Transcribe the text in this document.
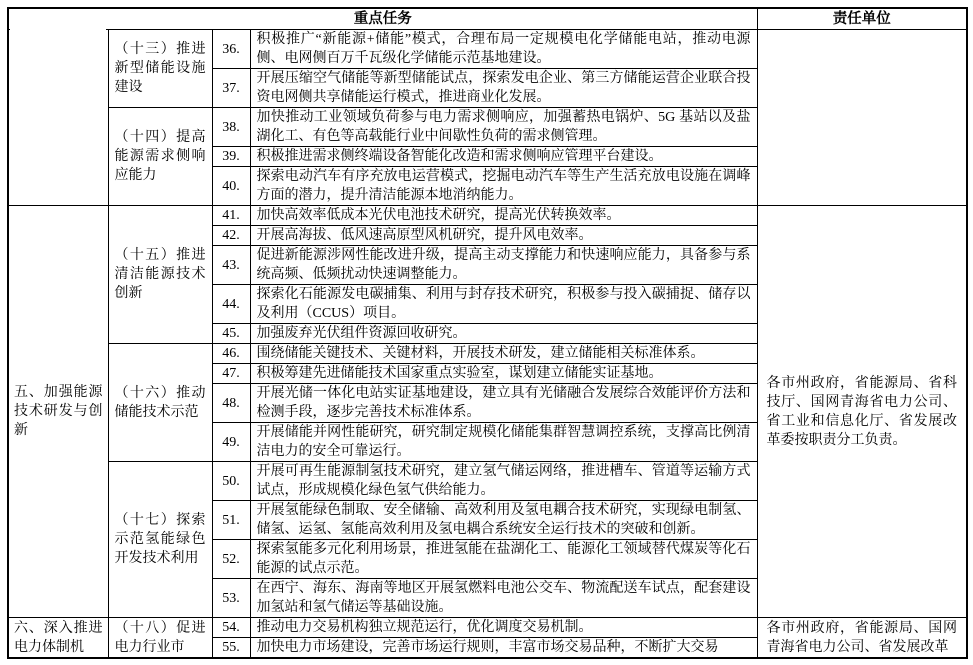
重点任务				责任单位
	（十三）推进新型储能设施建设	36.	积极推广“新能源+储能”模式，合理布局一定规模电化学储能电站，推动电源侧、电网侧百万千瓦级化学储能示范基地建设。	
		37.	开展压缩空气储能等新型储能试点，探索发电企业、第三方储能运营企业联合投资电网侧共享储能运行模式，推进商业化发展。	
	（十四）提高能源需求侧响应能力	38.	加快推动工业领域负荷参与电力需求侧响应，加强蓄热电锅炉、5G 基站以及盐湖化工、有色等高载能行业中间歇性负荷的需求侧管理。	
		39.	积极推进需求侧终端设备智能化改造和需求侧响应管理平台建设。	
		40.	探索电动汽车有序充放电运营模式，挖掘电动汽车等生产生活充放电设施在调峰方面的潜力，提升清洁能源本地消纳能力。	
五、加强能源技术研发与创新	（十五）推进清洁能源技术创新	41.	加快高效率低成本光伏电池技术研究，提高光伏转换效率。	各市州政府，省能源局、省科技厅、国网青海省电力公司、省工业和信息化厅、省发展改革委按职责分工负责。
		42.	开展高海拔、低风速高原型风机研究，提升风电效率。	
		43.	促进新能源涉网性能改进升级，提高主动支撑能力和快速响应能力，具备参与系统高频、低频扰动快速调整能力。	
		44.	探索化石能源发电碳捕集、利用与封存技术研究，积极参与投入碳捕捉、储存以及利用（CCUS）项目。	
		45.	加强废弃光伏组件资源回收研究。	
	（十六）推动储能技术示范	46.	围绕储能关键技术、关键材料，开展技术研发，建立储能相关标准体系。	
		47.	积极筹建先进储能技术国家重点实验室，谋划建立储能实证基地。	
		48.	开展光储一体化电站实证基地建设，建立具有光储融合发展综合效能评价方法和检测手段，逐步完善技术标准体系。	
		49.	开展储能并网性能研究，研究制定规模化储能集群智慧调控系统，支撑高比例清洁电力的安全可靠运行。	
	（十七）探索示范氢能绿色开发技术利用	50.	开展可再生能源制氢技术研究，建立氢气储运网络，推进槽车、管道等运输方式试点，形成规模化绿色氢气供给能力。	
		51.	开展氢能绿色制取、安全储输、高效利用及氢电耦合技术研究，实现绿电制氢、储氢、运氢、氢能高效利用及氢电耦合系统安全运行技术的突破和创新。	
		52.	探索氢能多元化利用场景，推进氢能在盐湖化工、能源化工领域替代煤炭等化石能源的试点示范。	
		53.	在西宁、海东、海南等地区开展氢燃料电池公交车、物流配送车试点，配套建设加氢站和氢气储运等基础设施。	
六、深入推进电力体制机	（十八）促进电力行业市	54.	推动电力交易机构独立规范运行，优化调度交易机制。	各市州政府，省能源局、国网青海省电力公司、省发展改革
		55.	加快电力市场建设，完善市场运行规则，丰富市场交易品种，不断扩大交易	
